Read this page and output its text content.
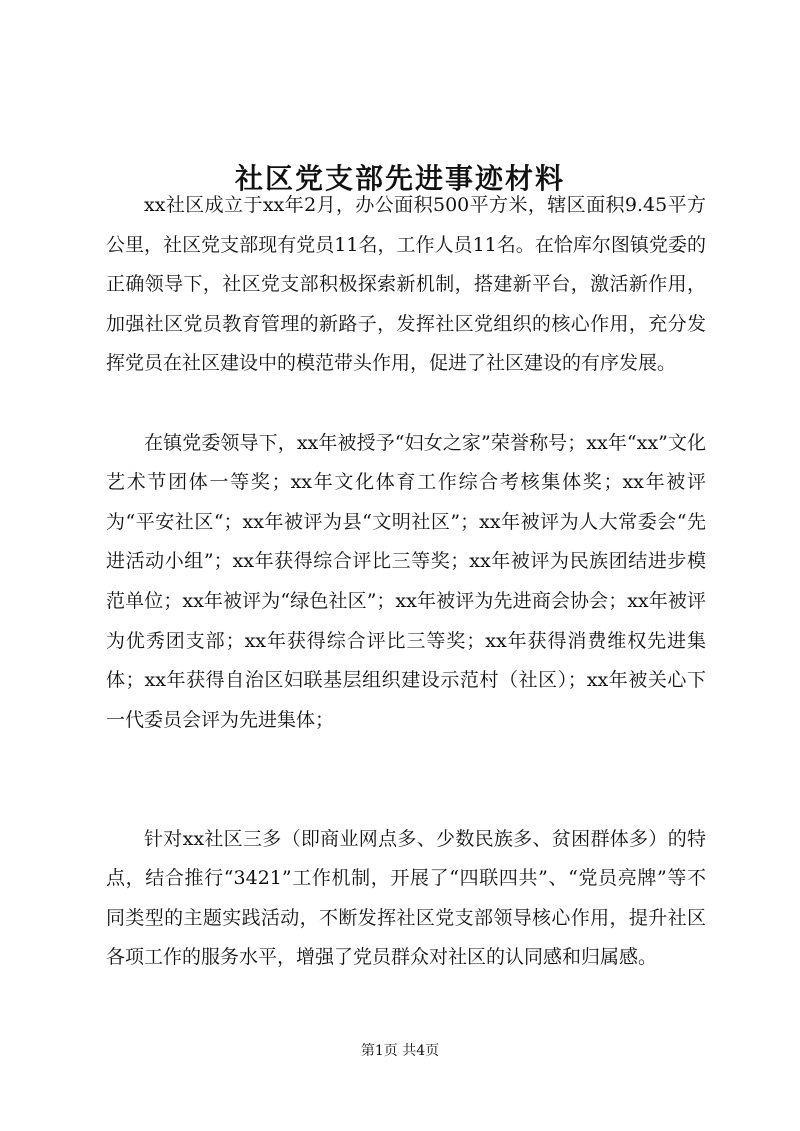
社区党支部先进事迹材料

xx社区成立于xx年2月，办公面积500平方米，辖区面积9.45平方公里，社区党支部现有党员11名，工作人员11名。在恰库尔图镇党委的正确领导下，社区党支部积极探索新机制，搭建新平台，激活新作用，加强社区党员教育管理的新路子，发挥社区党组织的核心作用，充分发挥党员在社区建设中的模范带头作用，促进了社区建设的有序发展。

在镇党委领导下，xx年被授予“妇女之家”荣誉称号；xx年“xx”文化艺术节团体一等奖；xx年文化体育工作综合考核集体奖；xx年被评为“平安社区“；xx年被评为县“文明社区”；xx年被评为人大常委会“先进活动小组”；xx年获得综合评比三等奖；xx年被评为民族团结进步模范单位；xx年被评为“绿色社区”；xx年被评为先进商会协会；xx年被评为优秀团支部；xx年获得综合评比三等奖；xx年获得消费维权先进集体；xx年获得自治区妇联基层组织建设示范村（社区）；xx年被关心下一代委员会评为先进集体；

针对xx社区三多（即商业网点多、少数民族多、贫困群体多）的特点，结合推行“3421”工作机制，开展了“四联四共”、“党员亮牌”等不同类型的主题实践活动，不断发挥社区党支部领导核心作用，提升社区各项工作的服务水平，增强了党员群众对社区的认同感和归属感。

第1页 共4页
